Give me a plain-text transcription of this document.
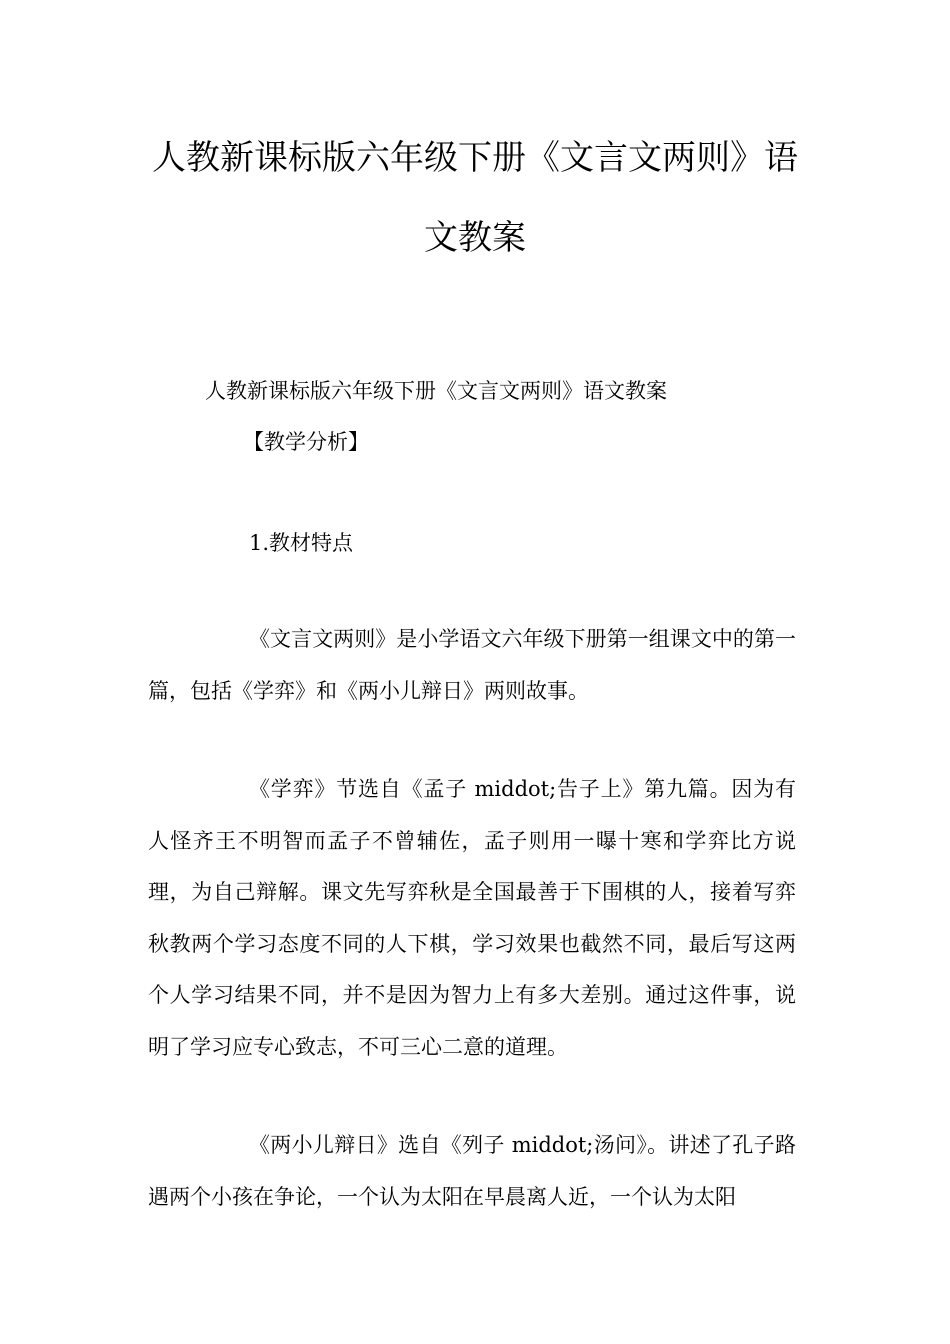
人教新课标版六年级下册《文言文两则》语文教案

人教新课标版六年级下册《文言文两则》语文教案

【教学分析】

1.教材特点

《文言文两则》是小学语文六年级下册第一组课文中的第一篇，包括《学弈》和《两小儿辩日》两则故事。

《学弈》节选自《孟子 middot;告子上》第九篇。因为有人怪齐王不明智而孟子不曾辅佐，孟子则用一曝十寒和学弈比方说理，为自己辩解。课文先写弈秋是全国最善于下围棋的人，接着写弈秋教两个学习态度不同的人下棋，学习效果也截然不同，最后写这两个人学习结果不同，并不是因为智力上有多大差别。通过这件事，说明了学习应专心致志，不可三心二意的道理。

《两小儿辩日》选自《列子 middot;汤问》。讲述了孔子路遇两个小孩在争论，一个认为太阳在早晨离人近，一个认为太阳
